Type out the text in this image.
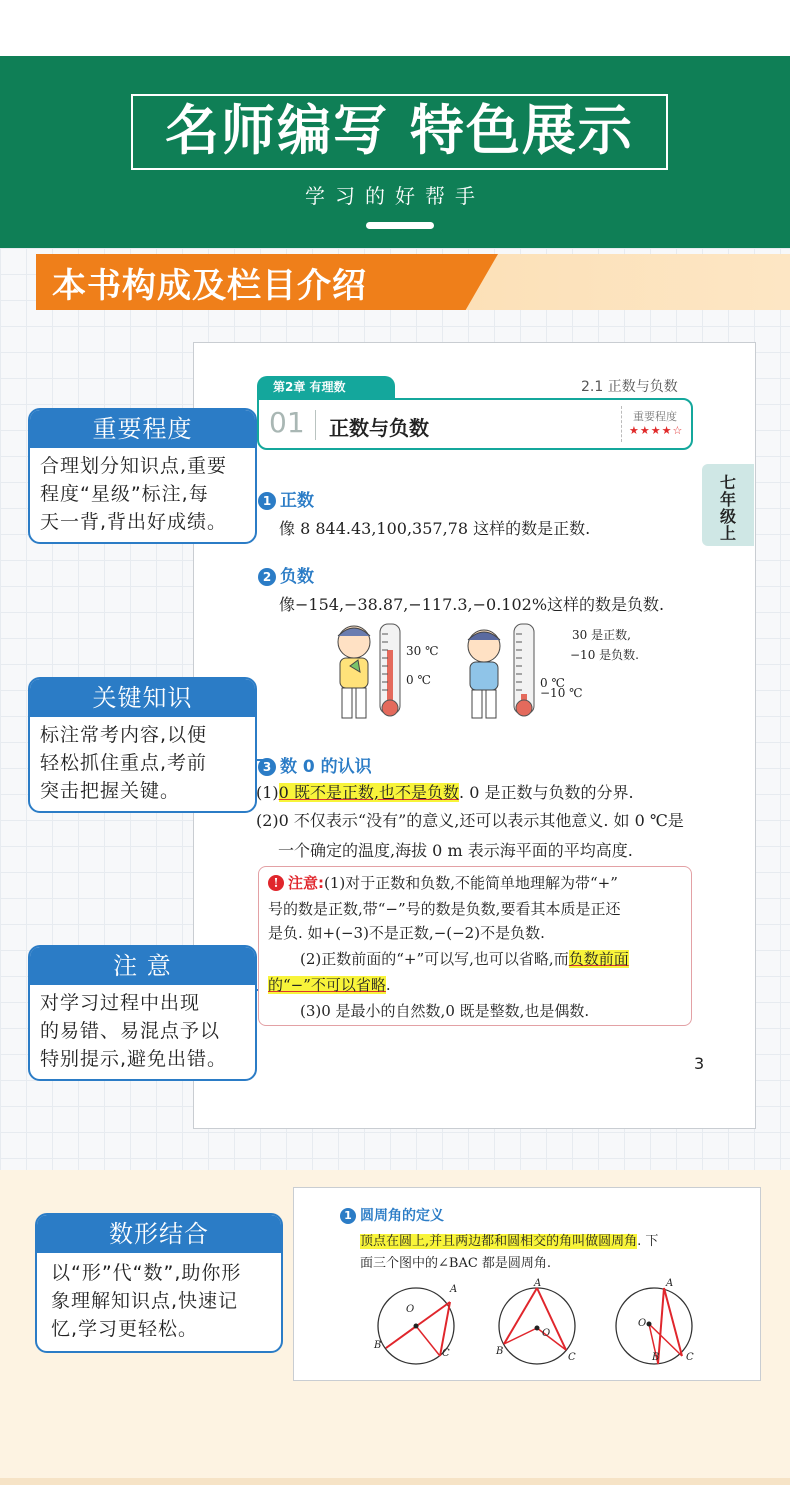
名师编写 特色展示
学习的好帮手
本书构成及栏目介绍
重要程度
合理划分知识点,重要
程度“星级”标注,每
天一背,背出好成绩。
关键知识
标注常考内容,以便
轻松抓住重点,考前
突击把握关键。
注 意
对学习过程中出现
的易错、易混点予以
特别提示,避免出错。
第2章 有理数	2.1 正数与负数
01 正数与负数	重要程度
★★★★☆
七
年
级
上
1 正数
像 8 844.43,100,357,78 这样的数是正数.
2 负数
像−154,−38.87,−117.3,−0.102%这样的数是负数.
30 ℃
0 ℃	0 ℃
−10 ℃
30 是正数,
−10 是负数.
3 数 0 的认识
(1)0 既不是正数,也不是负数. 0 是正数与负数的分界.
(2)0 不仅表示“没有”的意义,还可以表示其他意义. 如 0 ℃是
一个确定的温度,海拔 0 m 表示海平面的平均高度.
! 注意:(1)对于正数和负数,不能简单地理解为带“+”
号的数是正数,带“−”号的数是负数,要看其本质是正还
是负. 如+(−3)不是正数,−(−2)不是负数.
(2)正数前面的“+”可以写,也可以省略,而负数前面
的“−”不可以省略.
(3)0 是最小的自然数,0 既是整数,也是偶数.
3
数形结合
以“形”代“数”,助你形
象理解知识点,快速记
忆,学习更轻松。
1 圆周角的定义
顶点在圆上,并且两边都和圆相交的角叫做圆周角. 下
面三个图中的∠BAC 都是圆周角.
A
O
B
C
A
O
B
C
A
O
B	C
